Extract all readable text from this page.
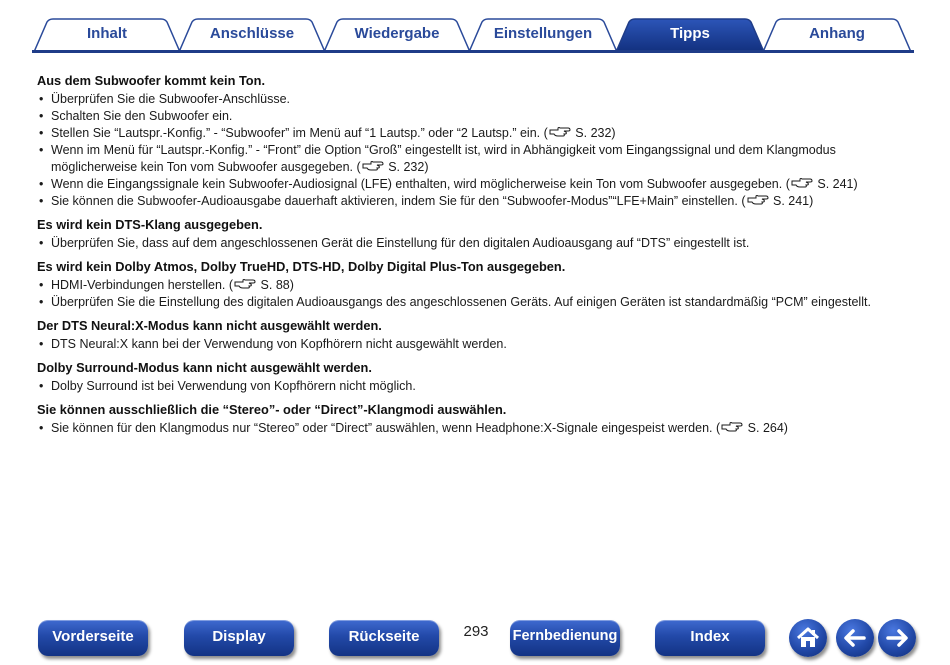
Inhalt	Anschlüsse	Wiedergabe	Einstellungen	Tipps	Anhang
Aus dem Subwoofer kommt kein Ton.
• Überprüfen Sie die Subwoofer-Anschlüsse.
• Schalten Sie den Subwoofer ein.
• Stellen Sie “Lautspr.-Konfig.” - “Subwoofer” im Menü auf “1 Lautsp.” oder “2 Lautsp.” ein. ( S. 232)
• Wenn im Menü für “Lautspr.-Konfig.” - “Front” die Option “Groß” eingestellt ist, wird in Abhängigkeit vom Eingangssignal und dem Klangmodus möglicherweise kein Ton vom Subwoofer ausgegeben. ( S. 232)
• Wenn die Eingangssignale kein Subwoofer-Audiosignal (LFE) enthalten, wird möglicherweise kein Ton vom Subwoofer ausgegeben. ( S. 241)
• Sie können die Subwoofer-Audioausgabe dauerhaft aktivieren, indem Sie für den “Subwoofer-Modus”“LFE+Main” einstellen. ( S. 241)
Es wird kein DTS-Klang ausgegeben.
• Überprüfen Sie, dass auf dem angeschlossenen Gerät die Einstellung für den digitalen Audioausgang auf “DTS” eingestellt ist.
Es wird kein Dolby Atmos, Dolby TrueHD, DTS-HD, Dolby Digital Plus-Ton ausgegeben.
• HDMI-Verbindungen herstellen. ( S. 88)
• Überprüfen Sie die Einstellung des digitalen Audioausgangs des angeschlossenen Geräts. Auf einigen Geräten ist standardmäßig “PCM” eingestellt.
Der DTS Neural:X-Modus kann nicht ausgewählt werden.
• DTS Neural:X kann bei der Verwendung von Kopfhörern nicht ausgewählt werden.
Dolby Surround-Modus kann nicht ausgewählt werden.
• Dolby Surround ist bei Verwendung von Kopfhörern nicht möglich.
Sie können ausschließlich die “Stereo”- oder “Direct”-Klangmodi auswählen.
• Sie können für den Klangmodus nur “Stereo” oder “Direct” auswählen, wenn Headphone:X-Signale eingespeist werden. ( S. 264)
Vorderseite	Display	Rückseite	293	Fernbedienung	Index
